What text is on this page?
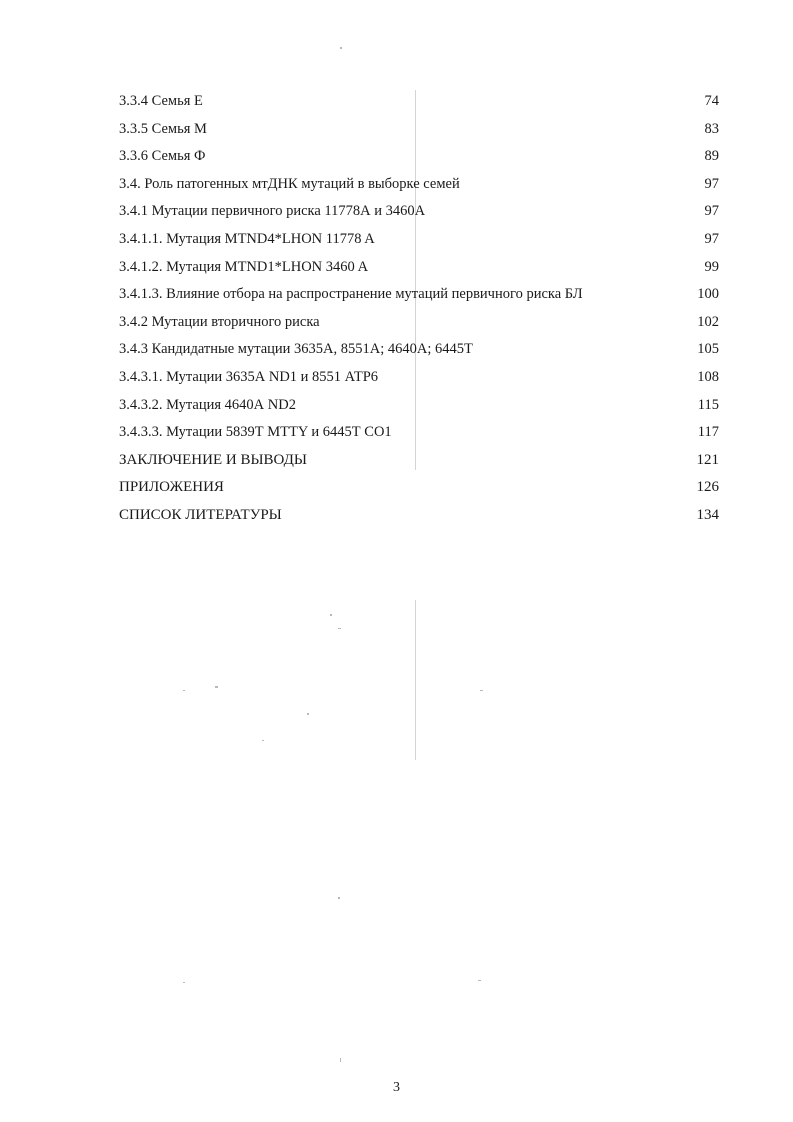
3.3.4 Семья Е	74
3.3.5 Семья М	83
3.3.6 Семья Ф	89
3.4. Роль патогенных мтДНК мутаций в выборке семей	97
3.4.1 Мутации первичного риска 11778А и 3460А	97
3.4.1.1. Мутация MTND4*LHON 11778 A	97
3.4.1.2. Мутация MTND1*LHON 3460 A	99
3.4.1.3. Влияние отбора на распространение мутаций первичного риска БЛ	100
3.4.2 Мутации вторичного риска	102
3.4.3 Кандидатные мутации 3635А, 8551А; 4640А; 6445Т	105
3.4.3.1. Мутации 3635А ND1 и 8551 АТР6	108
3.4.3.2. Мутация 4640А ND2	115
3.4.3.3. Мутации 5839Т MTTY и 6445Т CO1	117
ЗАКЛЮЧЕНИЕ И ВЫВОДЫ	121
ПРИЛОЖЕНИЯ	126
СПИСОК ЛИТЕРАТУРЫ	134
3
